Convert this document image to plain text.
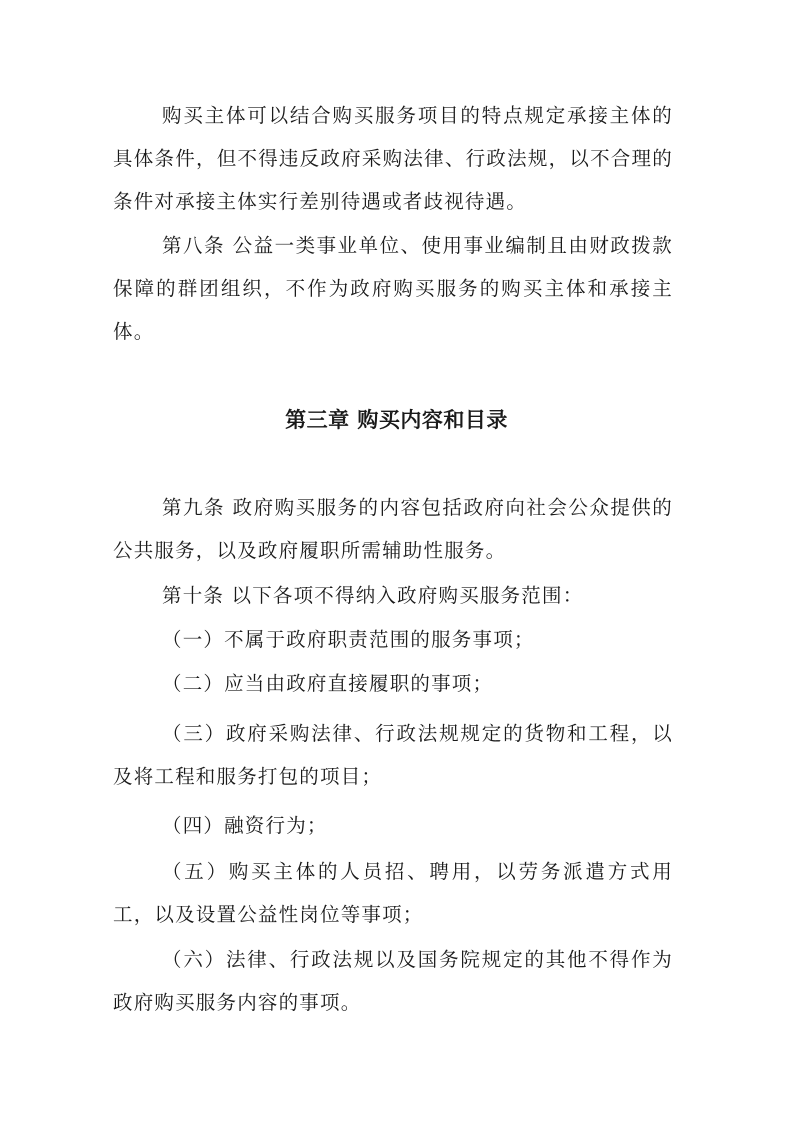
购买主体可以结合购买服务项目的特点规定承接主体的具体条件，但不得违反政府采购法律、行政法规，以不合理的条件对承接主体实行差别待遇或者歧视待遇。

第八条 公益一类事业单位、使用事业编制且由财政拨款保障的群团组织，不作为政府购买服务的购买主体和承接主体。

第三章 购买内容和目录

第九条 政府购买服务的内容包括政府向社会公众提供的公共服务，以及政府履职所需辅助性服务。

第十条 以下各项不得纳入政府购买服务范围：

（一）不属于政府职责范围的服务事项；

（二）应当由政府直接履职的事项；

（三）政府采购法律、行政法规规定的货物和工程，以及将工程和服务打包的项目；

（四）融资行为；

（五）购买主体的人员招、聘用，以劳务派遣方式用工，以及设置公益性岗位等事项；

（六）法律、行政法规以及国务院规定的其他不得作为政府购买服务内容的事项。
